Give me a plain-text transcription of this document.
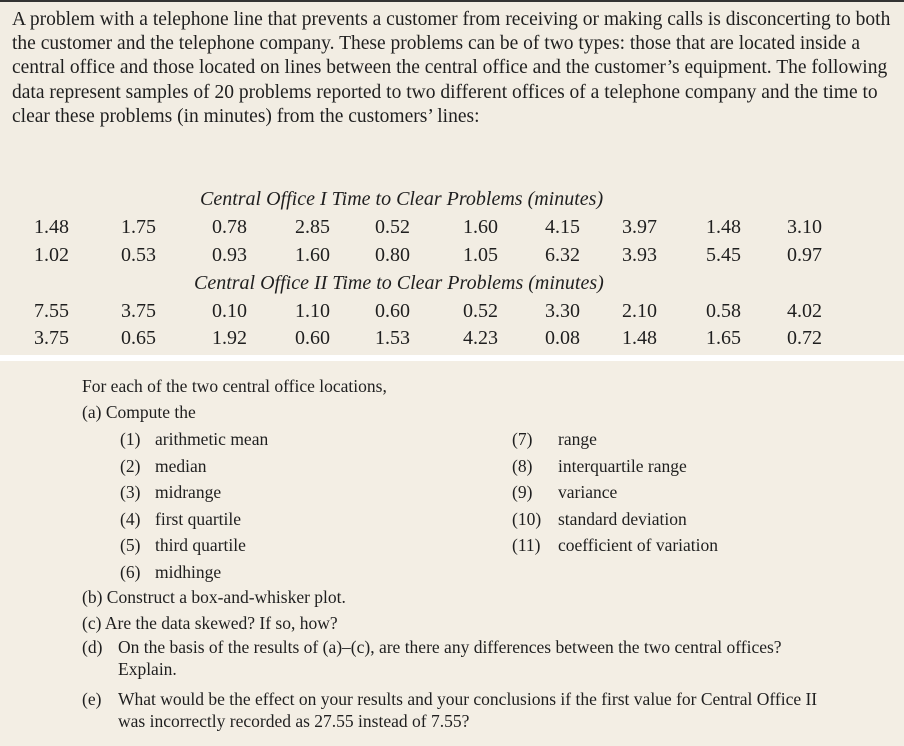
A problem with a telephone line that prevents a customer from receiving or making calls is disconcerting to both the customer and the telephone company. These problems can be of two types: those that are located inside a central office and those located on lines between the central office and the customer’s equipment. The following data represent samples of 20 problems reported to two different offices of a telephone company and the time to clear these problems (in minutes) from the customers’ lines:

Central Office I Time to Clear Problems (minutes)
1.48	1.75	0.78 2.85 0.52	1.60 4.15 3.97 1.48 3.10
1.02	0.53	0.93 1.60 0.80	1.05 6.32 3.93 5.45 0.97
Central Office II Time to Clear Problems (minutes)
7.55	3.75	0.10 1.10 0.60	0.52 3.30 2.10 0.58 4.02
3.75	0.65	1.92 0.60 1.53	4.23 0.08 1.48 1.65 0.72
For each of the two central office locations,
(a) Compute the
(1) arithmetic mean
(2) median
(3) midrange
(4) first quartile
(5) third quartile
(6) midhinge
(7) range
(8) interquartile range
(9) variance
(10) standard deviation
(11) coefficient of variation
(b) Construct a box-and-whisker plot.
(c) Are the data skewed? If so, how?
(d) On the basis of the results of (a)–(c), are there any differences between the two central offices? Explain.
(e) What would be the effect on your results and your conclusions if the first value for Central Office II was incorrectly recorded as 27.55 instead of 7.55?
